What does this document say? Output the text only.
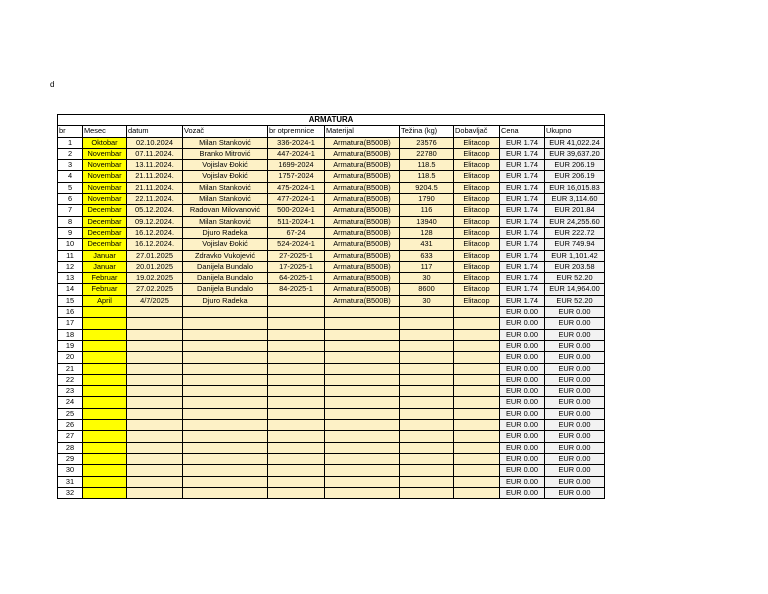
d
ARMATURA									
br	Mesec	datum	Vozač	br otpremnice	Materijal	Težina (kg)	Dobavljač	Cena	Ukupno
1	Oktobar	02.10.2024	Milan Stanković	336-2024-1	Armatura(B500B)	23576	Elitacop	EUR 1.74	EUR 41,022.24
2	Novembar	07.11.2024.	Branko Mitrović	447-2024-1	Armatura(B500B)	22780	Elitacop	EUR 1.74	EUR 39,637.20
3	Novembar	13.11.2024.	Vojislav Đokić	1699-2024	Armatura(B500B)	118.5	Elitacop	EUR 1.74	EUR 206.19
4	Novembar	21.11.2024.	Vojislav Đokić	1757-2024	Armatura(B500B)	118.5	Elitacop	EUR 1.74	EUR 206.19
5	Novembar	21.11.2024.	Milan Stanković	475-2024-1	Armatura(B500B)	9204.5	Elitacop	EUR 1.74	EUR 16,015.83
6	Novembar	22.11.2024.	Milan Stanković	477-2024-1	Armatura(B500B)	1790	Elitacop	EUR 1.74	EUR 3,114.60
7	Decembar	05.12.2024.	Radovan Milovanović	500-2024-1	Armatura(B500B)	116	Elitacop	EUR 1.74	EUR 201.84
8	Decembar	09.12.2024.	Milan Stanković	511-2024-1	Armatura(B500B)	13940	Elitacop	EUR 1.74	EUR 24,255.60
9	Decembar	16.12.2024.	Djuro Radeka	67-24	Armatura(B500B)	128	Elitacop	EUR 1.74	EUR 222.72
10	Decembar	16.12.2024.	Vojislav Đokić	524-2024-1	Armatura(B500B)	431	Elitacop	EUR 1.74	EUR 749.94
11	Januar	27.01.2025	Zdravko Vukojević	27-2025-1	Armatura(B500B)	633	Elitacop	EUR 1.74	EUR 1,101.42
12	Januar	20.01.2025	Danijela Bundalo	17-2025-1	Armatura(B500B)	117	Elitacop	EUR 1.74	EUR 203.58
13	Februar	19.02.2025	Danijela Bundalo	64-2025-1	Armatura(B500B)	30	Elitacop	EUR 1.74	EUR 52.20
14	Februar	27.02.2025	Danijela Bundalo	84-2025-1	Armatura(B500B)	8600	Elitacop	EUR 1.74	EUR 14,964.00
15	April	4/7/2025	Djuro Radeka		Armatura(B500B)	30	Elitacop	EUR 1.74	EUR 52.20
16								EUR 0.00	EUR 0.00
17								EUR 0.00	EUR 0.00
18								EUR 0.00	EUR 0.00
19								EUR 0.00	EUR 0.00
20								EUR 0.00	EUR 0.00
21								EUR 0.00	EUR 0.00
22								EUR 0.00	EUR 0.00
23								EUR 0.00	EUR 0.00
24								EUR 0.00	EUR 0.00
25								EUR 0.00	EUR 0.00
26								EUR 0.00	EUR 0.00
27								EUR 0.00	EUR 0.00
28								EUR 0.00	EUR 0.00
29								EUR 0.00	EUR 0.00
30								EUR 0.00	EUR 0.00
31								EUR 0.00	EUR 0.00
32								EUR 0.00	EUR 0.00
